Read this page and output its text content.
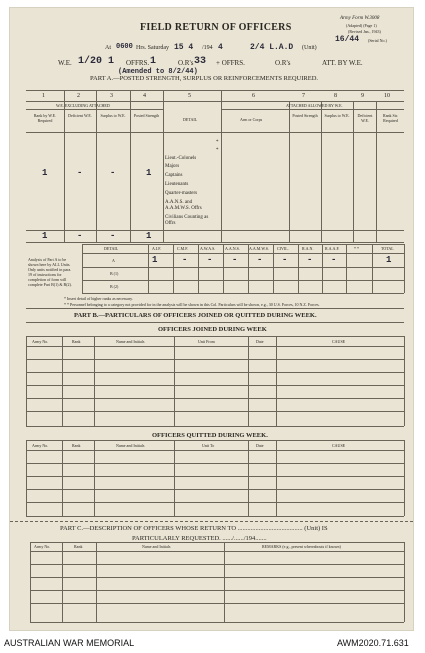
FIELD RETURN OF OFFICERS
Army Form W.3008
(Adapted) (Page 1)
(Revised Jan., 1943)
16/44 (Serial No.)
At 0600 Hrs. Saturday 15 4 /194 4	2/4 L.A.D (Unit)
W.E. 1/20 1 OFFRS. 1	O.R's 33 + OFFRS.	O.R's	ATT. BY W.E.
(Amended to 8/2/44)
PART A.—POSTED STRENGTH, SURPLUS OR REINFORCEMENTS REQUIRED.
1	2	3	4	5	6	7	8	9	10
W.E. EXCLUDING ATTACHED	ATTACHED ALLOWED BY W.E.
DETAIL
Rank by W.E. Required
Deficient W.E.	Surplus to W.E.	Posted Strength
Arm or Corps
Posted Strength	Surplus to W.E.	Deficient W.E.
Rank Str. Required
*
*
Lieut.-Colonels
Majors
Captains
Lieutenants
Quarter-masters
A.A.N.S. and A.A.M.W.S. Offrs
Civilians Counting as Offrs
1	-	-	1
1	-	-	1
Analysis of Part A to be shown here by ALL Units. Only units notified in para. 19 of instructions for completion of form will complete Part B(1) & B(2).
DETAIL	A.I.F.	C.M.F.	A.W.A.S. A.A.N.S. A.A.M.W.S. CIVIL.	R.A.N.	R.A.A.F.	* *	TOTAL
A
B (1)
B (2)
1	- - - - - - -	1
* Insert detail of higher ranks as necessary.
* * Personnel belonging to a category not provided for in the analysis will be shown in this Col. Particulars will be shown, e.g., 30 U.S. Forces, 10 N.Z. Forces.
PART B.—PARTICULARS OF OFFICERS JOINED OR QUITTED DURING WEEK.
OFFICERS JOINED DURING WEEK
Army No.	Rank	Name and Initials	Unit From	Date	CAUSE
OFFICERS QUITTED DURING WEEK.
Army No.	Rank	Name and Initials	Unit To	Date	CAUSE
PART C.—DESCRIPTION OF OFFICERS WHOSE RETURN TO ........................................ (Unit) IS
PARTICULARLY REQUESTED. ....../....../194.......
Army No.	Rank	Name and Initials	REMARKS (e.g., present whereabouts if known)
AUSTRALIAN WAR MEMORIAL	AWM2020.71.631
